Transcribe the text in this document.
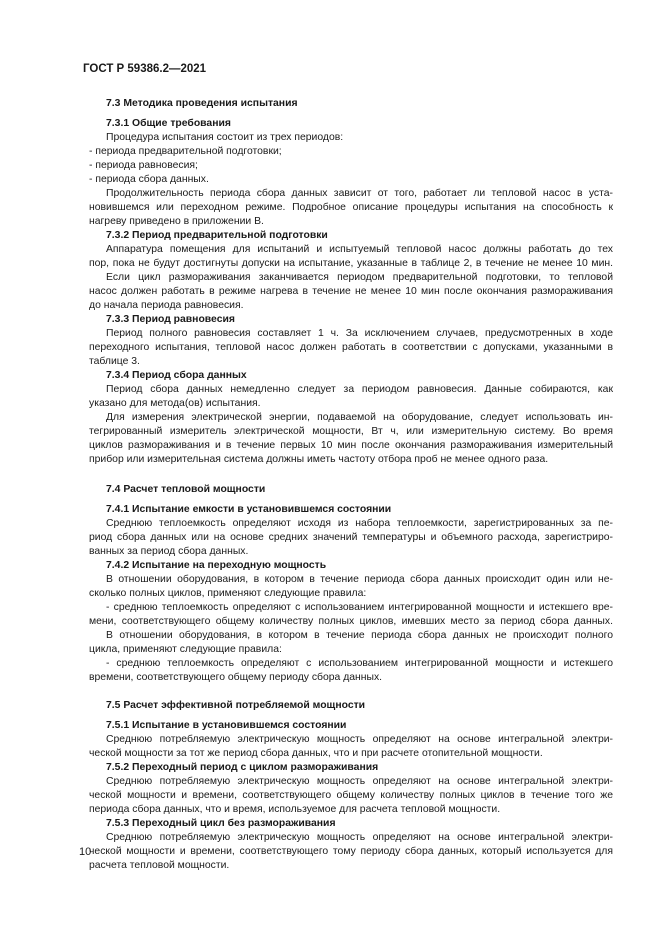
ГОСТ Р 59386.2—2021
7.3 Методика проведения испытания
7.3.1 Общие требования
Процедура испытания состоит из трех периодов:
- периода предварительной подготовки;
- периода равновесия;
- периода сбора данных.
Продолжительность периода сбора данных зависит от того, работает ли тепловой насос в уста-
новившемся или переходном режиме. Подробное описание процедуры испытания на способность к
нагреву приведено в приложении В.
7.3.2 Период предварительной подготовки
Аппаратура помещения для испытаний и испытуемый тепловой насос должны работать до тех
пор, пока не будут достигнуты допуски на испытание, указанные в таблице 2, в течение не менее 10 мин.
Если цикл размораживания заканчивается периодом предварительной подготовки, то тепловой
насос должен работать в режиме нагрева в течение не менее 10 мин после окончания размораживания
до начала периода равновесия.
7.3.3 Период равновесия
Период полного равновесия составляет 1 ч. За исключением случаев, предусмотренных в ходе
переходного испытания, тепловой насос должен работать в соответствии с допусками, указанными в
таблице 3.
7.3.4 Период сбора данных
Период сбора данных немедленно следует за периодом равновесия. Данные собираются, как
указано для метода(ов) испытания.
Для измерения электрической энергии, подаваемой на оборудование, следует использовать ин-
тегрированный измеритель электрической мощности, Вт ч, или измерительную систему. Во время
циклов размораживания и в течение первых 10 мин после окончания размораживания измерительный
прибор или измерительная система должны иметь частоту отбора проб не менее одного раза.
7.4 Расчет тепловой мощности
7.4.1 Испытание емкости в установившемся состоянии
Среднюю теплоемкость определяют исходя из набора теплоемкости, зарегистрированных за пе-
риод сбора данных или на основе средних значений температуры и объемного расхода, зарегистриро-
ванных за период сбора данных.
7.4.2 Испытание на переходную мощность
В отношении оборудования, в котором в течение периода сбора данных происходит один или не-
сколько полных циклов, применяют следующие правила:
- среднюю теплоемкость определяют с использованием интегрированной мощности и истекшего вре-
мени, соответствующего общему количеству полных циклов, имевших место за период сбора данных.
В отношении оборудования, в котором в течение периода сбора данных не происходит полного
цикла, применяют следующие правила:
- среднюю теплоемкость определяют с использованием интегрированной мощности и истекшего
времени, соответствующего общему периоду сбора данных.
7.5 Расчет эффективной потребляемой мощности
7.5.1 Испытание в установившемся состоянии
Среднюю потребляемую электрическую мощность определяют на основе интегральной электри-
ческой мощности за тот же период сбора данных, что и при расчете отопительной мощности.
7.5.2 Переходный период с циклом размораживания
Среднюю потребляемую электрическую мощность определяют на основе интегральной электри-
ческой мощности и времени, соответствующего общему количеству полных циклов в течение того же
периода сбора данных, что и время, используемое для расчета тепловой мощности.
7.5.3 Переходный цикл без размораживания
Среднюю потребляемую электрическую мощность определяют на основе интегральной электри-
ческой мощности и времени, соответствующего тому периоду сбора данных, который используется для
расчета тепловой мощности.
10
